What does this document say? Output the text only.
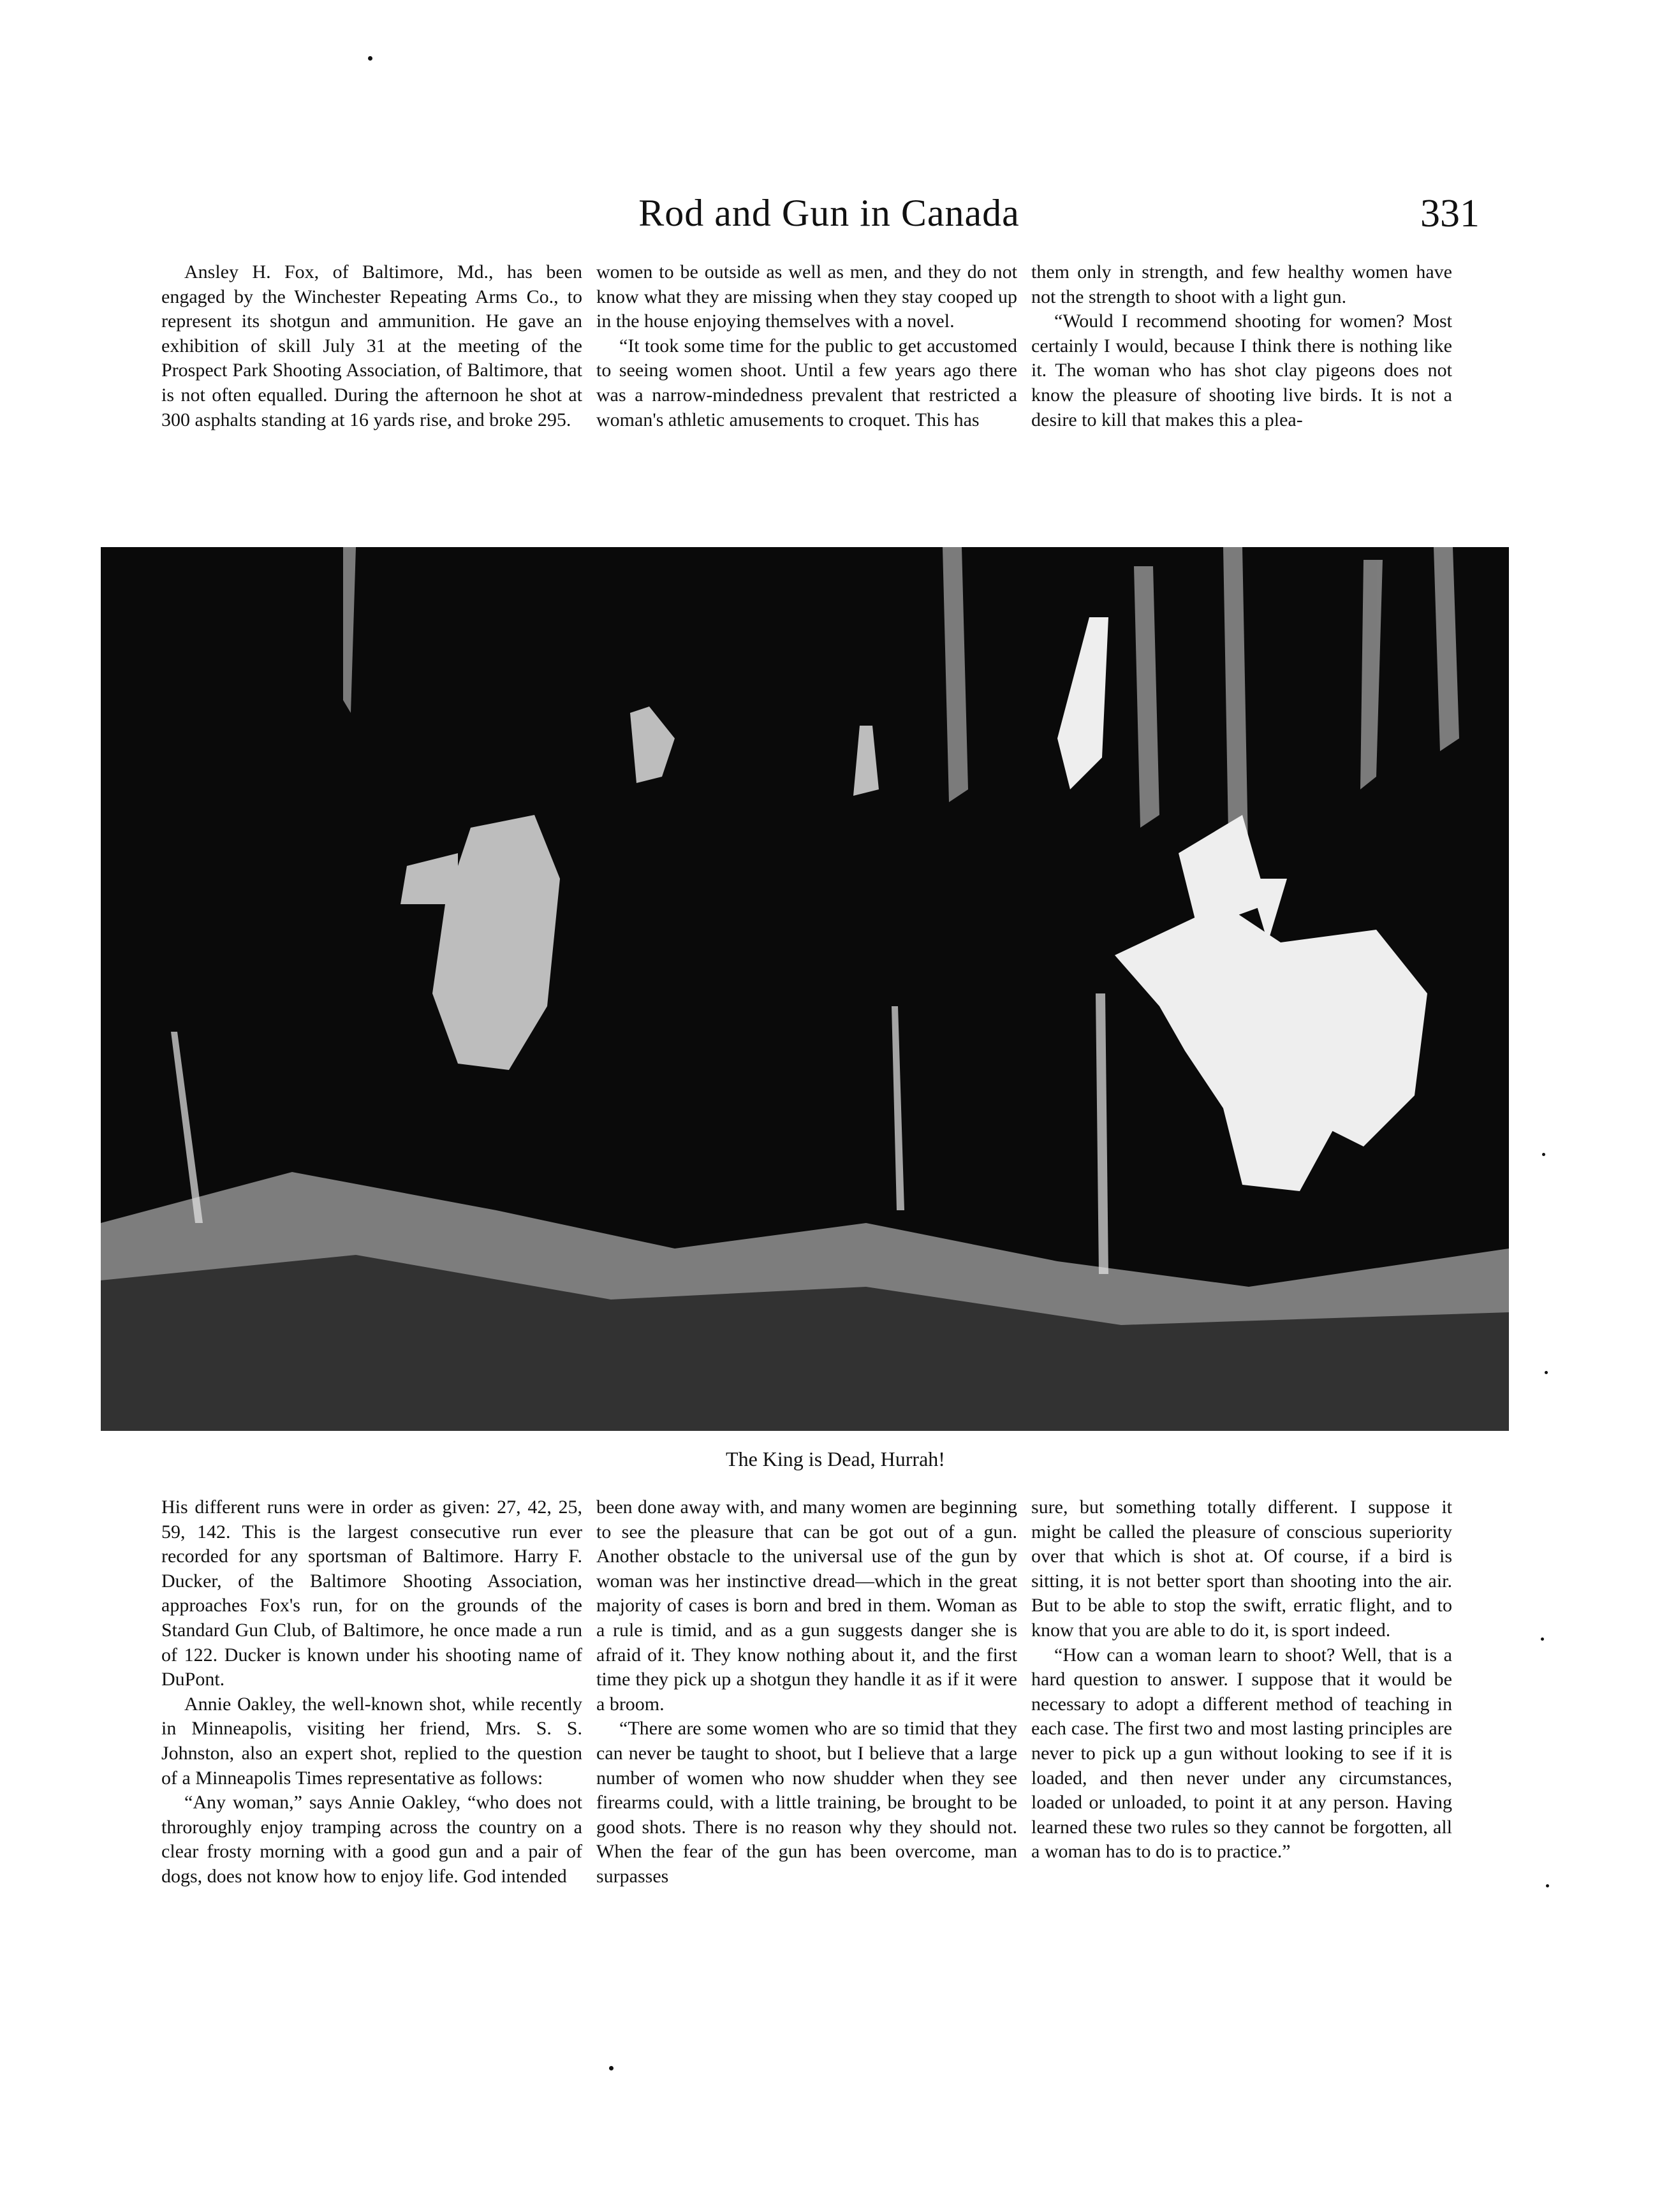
Rod and Gun in Canada	331

Ansley H. Fox, of Baltimore, Md., has been engaged by the Winchester Repeating Arms Co., to represent its shotgun and ammunition. He gave an exhibition of skill July 31 at the meeting of the Prospect Park Shooting Association, of Baltimore, that is not often equalled. During the afternoon he shot at 300 asphalts standing at 16 yards rise, and broke 295.

women to be outside as well as men, and they do not know what they are missing when they stay cooped up in the house enjoying themselves with a novel.

“It took some time for the public to get accustomed to seeing women shoot. Until a few years ago there was a narrow-mindedness prevalent that restricted a woman's athletic amusements to croquet. This has

them only in strength, and few healthy women have not the strength to shoot with a light gun.

“Would I recommend shooting for women? Most certainly I would, because I think there is nothing like it. The woman who has shot clay pigeons does not know the pleasure of shooting live birds. It is not a desire to kill that makes this a plea-

The King is Dead, Hurrah!

His different runs were in order as given: 27, 42, 25, 59, 142. This is the largest consecutive run ever recorded for any sportsman of Baltimore. Harry F. Ducker, of the Baltimore Shooting Association, approaches Fox's run, for on the grounds of the Standard Gun Club, of Baltimore, he once made a run of 122. Ducker is known under his shooting name of DuPont.

Annie Oakley, the well-known shot, while recently in Minneapolis, visiting her friend, Mrs. S. S. Johnston, also an expert shot, replied to the question of a Minneapolis Times representative as follows:

“Any woman,” says Annie Oakley, “who does not throroughly enjoy tramping across the country on a clear frosty morning with a good gun and a pair of dogs, does not know how to enjoy life. God intended

been done away with, and many women are beginning to see the pleasure that can be got out of a gun. Another obstacle to the universal use of the gun by woman was her instinctive dread—which in the great majority of cases is born and bred in them. Woman as a rule is timid, and as a gun suggests danger she is afraid of it. They know nothing about it, and the first time they pick up a shotgun they handle it as if it were a broom.

“There are some women who are so timid that they can never be taught to shoot, but I believe that a large number of women who now shudder when they see firearms could, with a little training, be brought to be good shots. There is no reason why they should not. When the fear of the gun has been overcome, man surpasses

sure, but something totally different. I suppose it might be called the pleasure of conscious superiority over that which is shot at. Of course, if a bird is sitting, it is not better sport than shooting into the air. But to be able to stop the swift, erratic flight, and to know that you are able to do it, is sport indeed.

“How can a woman learn to shoot? Well, that is a hard question to answer. I suppose that it would be necessary to adopt a different method of teaching in each case. The first two and most lasting principles are never to pick up a gun without looking to see if it is loaded, and then never under any circumstances, loaded or unloaded, to point it at any person. Having learned these two rules so they cannot be forgotten, all a woman has to do is to practice.”
